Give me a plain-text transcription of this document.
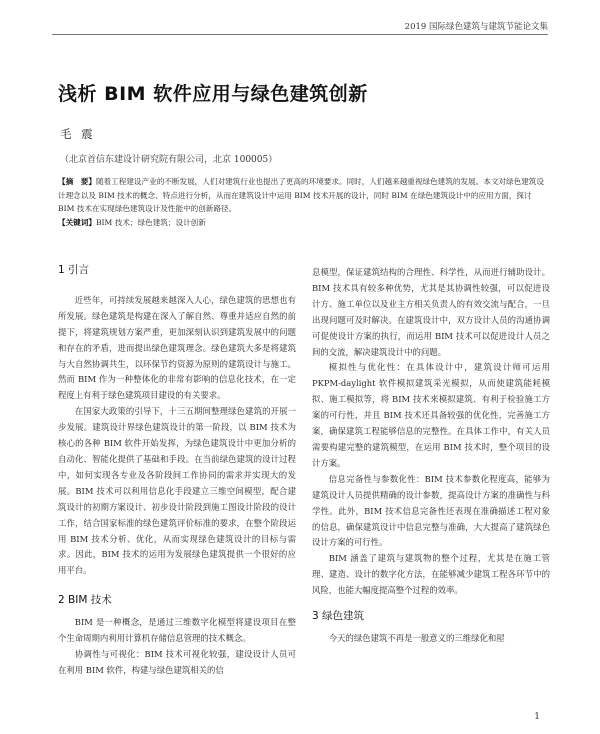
2019 国际绿色建筑与建筑节能论文集
浅析 BIM 软件应用与绿色建筑创新
毛 震
（北京首信东建设计研究院有限公司，北京 100005）

【摘　要】随着工程建设产业的不断发展，人们对建筑行业也提出了更高的环境要求。同时，人们越来越重视绿色建筑的发展。本文对绿色建筑设计理念以及 BIM 技术的概念、特点进行分析，从而在建筑设计中运用 BIM 技术开展的设计，同时 BIM 在绿色建筑设计中的应用方面，探讨 BIM 技术在实现绿色建筑设计及性能中的创新路径。

【关键词】BIM 技术；绿色建筑；设计创新

1 引言

近些年，可持续发展越来越深入人心，绿色建筑的思想也有所发展。绿色建筑是构建在深入了解自然、尊重并适应自然的前提下，将建筑规划方案严重，更加深刻认识到建筑发展中的问题和存在的矛盾，进而提出绿色建筑理念。绿色建筑大多是将建筑与大自然协调共生，以环保节约资源为原则的建筑设计与施工。然而 BIM 作为一种整体化的非常有影响的信息化技术，在一定程度上有利于绿色建筑项目建设的有关要求。

在国家大政策的引导下，十三五期间整理绿色建筑的开展一步发展。建筑设计界绿色建筑设计的第一阶段，以 BIM 技术为核心的各种 BIM 软件开始发挥，为绿色建筑设计中更加分析的自动化、智能化提供了基础和手段。在当前绿色建筑的设计过程中，如何实现各专业及各阶段间工作协同的需求并实现大的发展。BIM 技术可以利用信息化手段建立三维空间模型，配合建筑设计的初期方案设计、初步设计阶段到施工图设计阶段的设计工作，结合国家标准的绿色建筑评价标准的要求，在整个阶段运用 BIM 技术分析、优化，从而实现绿色建筑设计的目标与需求。因此，BIM 技术的运用为发展绿色建筑提供一个很好的应用平台。

2 BIM 技术

BIM 是一种概念，是通过三维数字化模型将建设项目在整个生命周期内利用计算机存储信息管理的技术概念。

协调性与可视化：BIM 技术可视化较强，建设设计人员可在利用 BIM 软件，构建与绿色建筑相关的信

息模型，保证建筑结构的合理性、科学性，从而进行辅助设计。BIM 技术具有较多种优势，尤其是其协调性较强，可以促进设计方、施工单位以及业主方相关负责人的有效交流与配合，一旦出现问题可及时解决。在建筑设计中，双方设计人员的沟通协调可促使设计方案的执行，而运用 BIM 技术可以促进设计人员之间的交流，解决建筑设计中的问题。

模拟性与优化性：在具体设计中，建筑设计师可运用 PKPM-daylight 软件模拟建筑采光模拟，从而使建筑能耗模拟、施工模拟等，将 BIM 技术来模拟建筑、有利于检验施工方案的可行性，并且 BIM 技术还具备较强的优化性，完善施工方案，确保建筑工程能够信息的完整性。在具体工作中，有关人员需要构建完整的建筑模型，在运用 BIM 技术时，整个项目的设计方案。

信息完备性与参数化性：BIM 技术参数化程度高，能够为建筑设计人员提供精确的设计参数，提高设计方案的准确性与科学性。此外，BIM 技术信息完备性还表现在准确描述工程对象的信息，确保建筑设计中信息完整与准确，大大提高了建筑绿色设计方案的可行性。

BIM 涵盖了建筑与建筑物的整个过程，尤其是在施工管理、建造、设计的数字化方法，在能够减少建筑工程各环节中的风险，也能大幅度提高整个过程的效率。

3 绿色建筑

今天的绿色建筑不再是一般意义的三维绿化和屋

1
